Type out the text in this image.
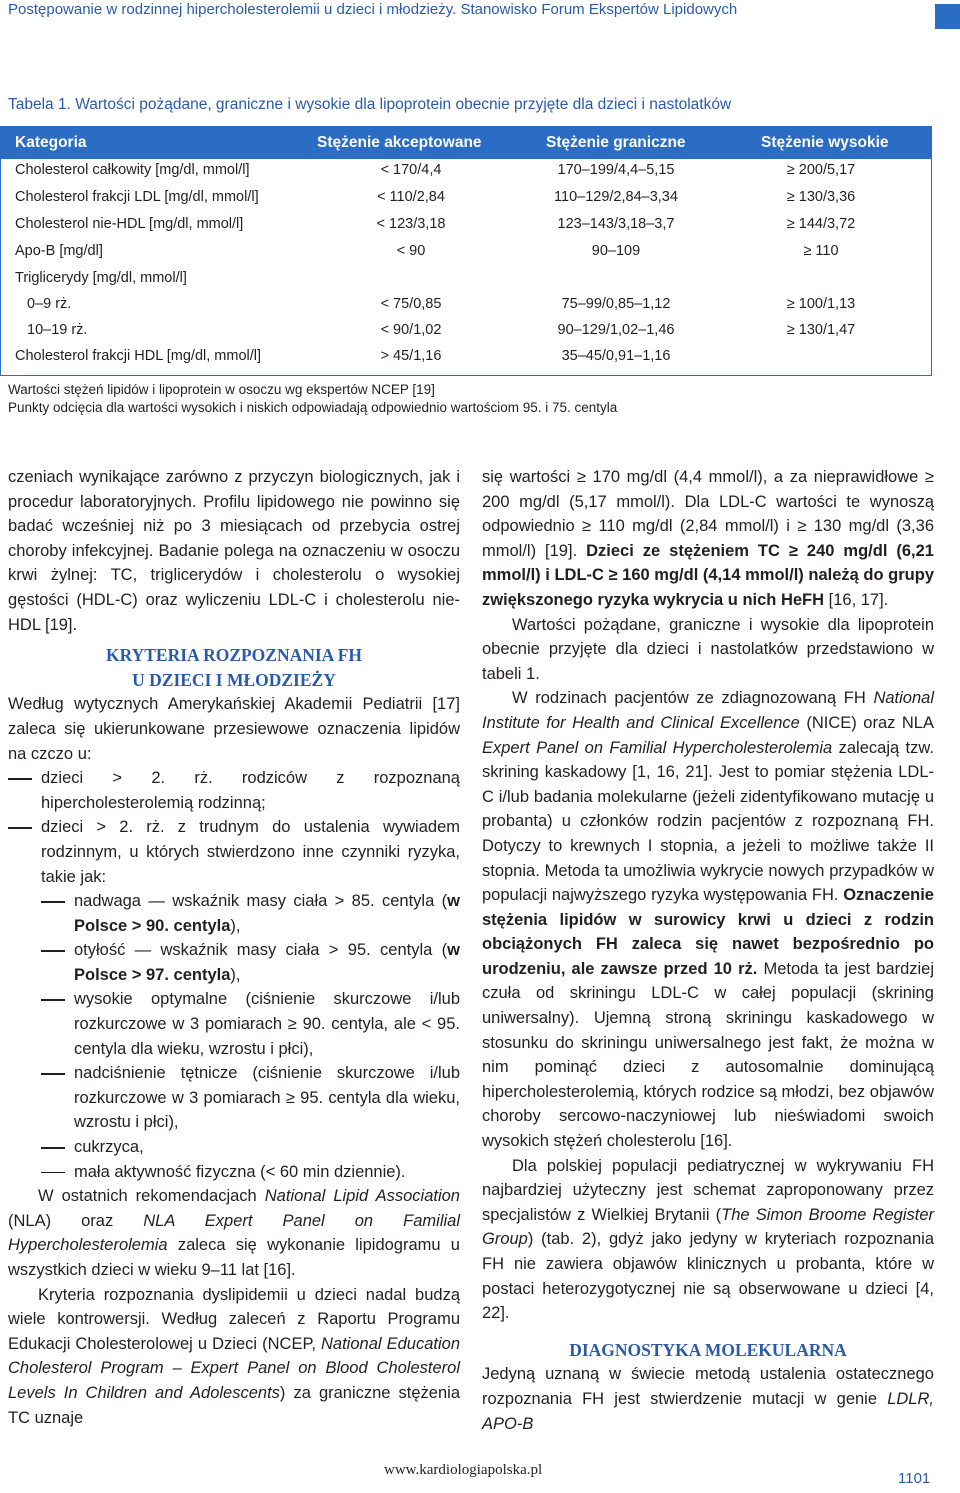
Postępowanie w rodzinnej hipercholesterolemii u dzieci i młodzieży. Stanowisko Forum Ekspertów Lipidowych
Tabela 1. Wartości pożądane, graniczne i wysokie dla lipoprotein obecnie przyjęte dla dzieci i nastolatków
Kategoria	Stężenie akceptowane	Stężenie graniczne	Stężenie wysokie
Cholesterol całkowity [mg/dl, mmol/l]	< 170/4,4	170–199/4,4–5,15	≥ 200/5,17
Cholesterol frakcji LDL [mg/dl, mmol/l]	< 110/2,84	110–129/2,84–3,34	≥ 130/3,36
Cholesterol nie-HDL [mg/dl, mmol/l]	< 123/3,18	123–143/3,18–3,7	≥ 144/3,72
Apo-B [mg/dl]	< 90	90–109	≥ 110
Triglicerydy [mg/dl, mmol/l]
0–9 rż.	< 75/0,85	75–99/0,85–1,12	≥ 100/1,13
10–19 rż.	< 90/1,02	90–129/1,02–1,46	≥ 130/1,47
Cholesterol frakcji HDL [mg/dl, mmol/l]	> 45/1,16	35–45/0,91–1,16
Wartości stężeń lipidów i lipoprotein w osoczu wg ekspertów NCEP [19]
Punkty odcięcia dla wartości wysokich i niskich odpowiadają odpowiednio wartościom 95. i 75. centyla

czeniach wynikające zarówno z przyczyn biologicznych, jak i procedur laboratoryjnych. Profilu lipidowego nie powinno się badać wcześniej niż po 3 miesiącach od przebycia ostrej choroby infekcyjnej. Badanie polega na oznaczeniu w osoczu krwi żylnej: TC, triglicerydów i cholesterolu o wysokiej gęstości (HDL-C) oraz wyliczeniu LDL-C i cholesterolu nie-HDL [19].

KRYTERIA ROZPOZNANIA FH
U DZIECI I MŁODZIEŻY

Według wytycznych Amerykańskiej Akademii Pediatrii [17] zaleca się ukierunkowane przesiewowe oznaczenia lipidów na czczo u:

dzieci > 2. rż. rodziców z rozpoznaną hipercholesterolemią rodzinną;

dzieci > 2. rż. z trudnym do ustalenia wywiadem rodzinnym, u których stwierdzono inne czynniki ryzyka, takie jak:

nadwaga — wskaźnik masy ciała > 85. centyla (w Polsce > 90. centyla),

otyłość — wskaźnik masy ciała > 95. centyla (w Polsce > 97. centyla),

wysokie optymalne (ciśnienie skurczowe i/lub rozkurczowe w 3 pomiarach ≥ 90. centyla, ale < 95. centyla dla wieku, wzrostu i płci),

nadciśnienie tętnicze (ciśnienie skurczowe i/lub rozkurczowe w 3 pomiarach ≥ 95. centyla dla wieku, wzrostu i płci),

cukrzyca,

mała aktywność fizyczna (< 60 min dziennie).

W ostatnich rekomendacjach National Lipid Association (NLA) oraz NLA Expert Panel on Familial Hypercholesterolemia zaleca się wykonanie lipidogramu u wszystkich dzieci w wieku 9–11 lat [16].

Kryteria rozpoznania dyslipidemii u dzieci nadal budzą wiele kontrowersji. Według zaleceń z Raportu Programu Edukacji Cholesterolowej u Dzieci (NCEP, National Education Cholesterol Program – Expert Panel on Blood Cholesterol Levels In Children and Adolescents) za graniczne stężenia TC uznaje

się wartości ≥ 170 mg/dl (4,4 mmol/l), a za nieprawidłowe ≥ 200 mg/dl (5,17 mmol/l). Dla LDL-C wartości te wynoszą odpowiednio ≥ 110 mg/dl (2,84 mmol/l) i ≥ 130 mg/dl (3,36 mmol/l) [19]. Dzieci ze stężeniem TC ≥ 240 mg/dl (6,21 mmol/l) i LDL-C ≥ 160 mg/dl (4,14 mmol/l) należą do grupy zwiększonego ryzyka wykrycia u nich HeFH [16, 17].

Wartości pożądane, graniczne i wysokie dla lipoprotein obecnie przyjęte dla dzieci i nastolatków przedstawiono w tabeli 1.

W rodzinach pacjentów ze zdiagnozowaną FH National Institute for Health and Clinical Excellence (NICE) oraz NLA Expert Panel on Familial Hypercholesterolemia zalecają tzw. skrining kaskadowy [1, 16, 21]. Jest to pomiar stężenia LDL-C i/lub badania molekularne (jeżeli zidentyfikowano mutację u probanta) u członków rodzin pacjentów z rozpoznaną FH. Dotyczy to krewnych I stopnia, a jeżeli to możliwe także II stopnia. Metoda ta umożliwia wykrycie nowych przypadków w populacji najwyższego ryzyka występowania FH. Oznaczenie stężenia lipidów w surowicy krwi u dzieci z rodzin obciążonych FH zaleca się nawet bezpośrednio po urodzeniu, ale zawsze przed 10 rż. Metoda ta jest bardziej czuła od skriningu LDL-C w całej populacji (skrining uniwersalny). Ujemną stroną skriningu kaskadowego w stosunku do skriningu uniwersalnego jest fakt, że można w nim pominąć dzieci z autosomalnie dominującą hipercholesterolemią, których rodzice są młodzi, bez objawów choroby sercowo-naczyniowej lub nieświadomi swoich wysokich stężeń cholesterolu [16].

Dla polskiej populacji pediatrycznej w wykrywaniu FH najbardziej użyteczny jest schemat zaproponowany przez specjalistów z Wielkiej Brytanii (The Simon Broome Register Group) (tab. 2), gdyż jako jedyny w kryteriach rozpoznania FH nie zawiera objawów klinicznych u probanta, które w postaci heterozygotycznej nie są obserwowane u dzieci [4, 22].

DIAGNOSTYKA MOLEKULARNA

Jedyną uznaną w świecie metodą ustalenia ostatecznego rozpoznania FH jest stwierdzenie mutacji w genie LDLR, APO-B

www.kardiologiapolska.pl	1101
